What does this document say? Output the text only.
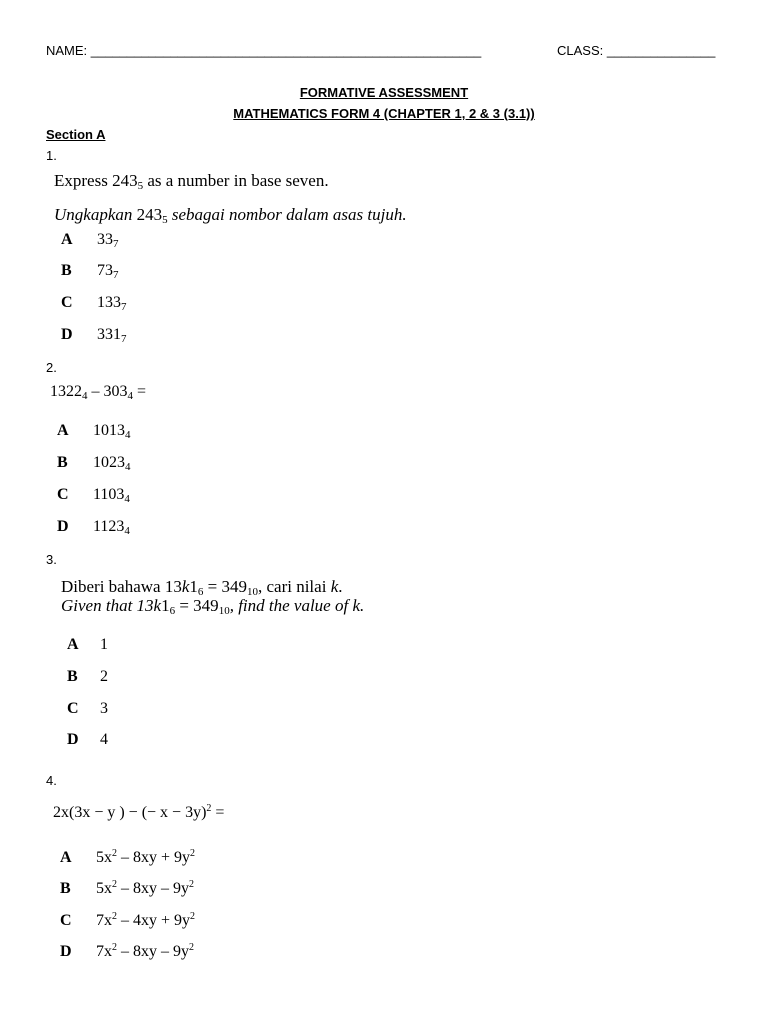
NAME: ______________________________________________________	CLASS: _______________
FORMATIVE ASSESSMENT
MATHEMATICS FORM 4 (CHAPTER 1, 2 & 3 (3.1))
Section A
1.
Express $243_5$ as a number in base seven.
Ungkapkan $243_5$ sebagai nombor dalam asas tujuh.
A $33_7$
B $73_7$
C $133_7$
D $331_7$
2.
$1322_4 - 303_4$ =
A $1013_4$
B $1023_4$
C $1103_4$
D $1123_4$
3.
Diberi bahawa $13k1_6 = 349_{10}$, cari nilai k.
Given that $13k1_6 = 349_{10}$, find the value of k.
A 1
B 2
C 3
D 4
4.
2x(3x − y ) − (− x − 3y)$^2$ =
A $5x^2 - 8xy + 9y^2$
B $5x^2 - 8xy - 9y^2$
C $7x^2 - 4xy + 9y^2$
D $7x^2 - 8xy - 9y^2$
